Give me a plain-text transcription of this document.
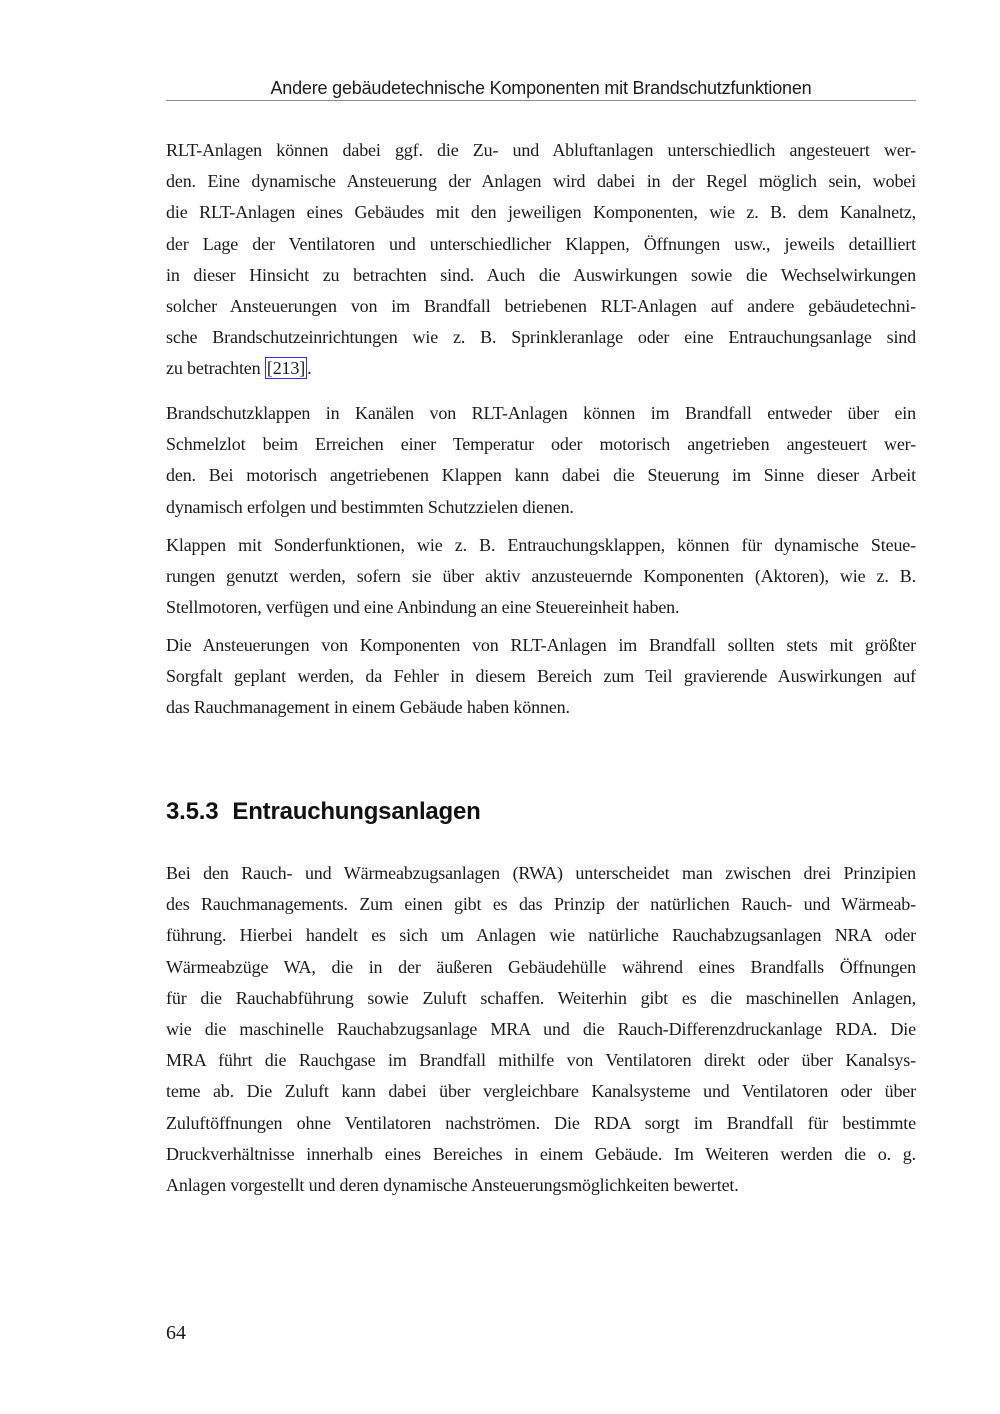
Andere gebäudetechnische Komponenten mit Brandschutzfunktionen
RLT-Anlagen können dabei ggf. die Zu- und Abluftanlagen unterschiedlich angesteuert wer-
den. Eine dynamische Ansteuerung der Anlagen wird dabei in der Regel möglich sein, wobei
die RLT-Anlagen eines Gebäudes mit den jeweiligen Komponenten, wie z. B. dem Kanalnetz,
der Lage der Ventilatoren und unterschiedlicher Klappen, Öffnungen usw., jeweils detailliert
in dieser Hinsicht zu betrachten sind. Auch die Auswirkungen sowie die Wechselwirkungen
solcher Ansteuerungen von im Brandfall betriebenen RLT-Anlagen auf andere gebäudetechni-
sche Brandschutzeinrichtungen wie z. B. Sprinkleranlage oder eine Entrauchungsanlage sind
zu betrachten [213] .
Brandschutzklappen in Kanälen von RLT-Anlagen können im Brandfall entweder über ein
Schmelzlot beim Erreichen einer Temperatur oder motorisch angetrieben angesteuert wer-
den. Bei motorisch angetriebenen Klappen kann dabei die Steuerung im Sinne dieser Arbeit
dynamisch erfolgen und bestimmten Schutzzielen dienen.
Klappen mit Sonderfunktionen, wie z. B. Entrauchungsklappen, können für dynamische Steue-
rungen genutzt werden, sofern sie über aktiv anzusteuernde Komponenten (Aktoren), wie z. B.
Stellmotoren, verfügen und eine Anbindung an eine Steuereinheit haben.
Die Ansteuerungen von Komponenten von RLT-Anlagen im Brandfall sollten stets mit größter
Sorgfalt geplant werden, da Fehler in diesem Bereich zum Teil gravierende Auswirkungen auf
das Rauchmanagement in einem Gebäude haben können.
3.5.3 Entrauchungsanlagen
Bei den Rauch- und Wärmeabzugsanlagen (RWA) unterscheidet man zwischen drei Prinzipien
des Rauchmanagements. Zum einen gibt es das Prinzip der natürlichen Rauch- und Wärmeab-
führung. Hierbei handelt es sich um Anlagen wie natürliche Rauchabzugsanlagen NRA oder
Wärmeabzüge WA, die in der äußeren Gebäudehülle während eines Brandfalls Öffnungen
für die Rauchabführung sowie Zuluft schaffen. Weiterhin gibt es die maschinellen Anlagen,
wie die maschinelle Rauchabzugsanlage MRA und die Rauch-Differenzdruckanlage RDA. Die
MRA führt die Rauchgase im Brandfall mithilfe von Ventilatoren direkt oder über Kanalsys-
teme ab. Die Zuluft kann dabei über vergleichbare Kanalsysteme und Ventilatoren oder über
Zuluftöffnungen ohne Ventilatoren nachströmen. Die RDA sorgt im Brandfall für bestimmte
Druckverhältnisse innerhalb eines Bereiches in einem Gebäude. Im Weiteren werden die o. g.
Anlagen vorgestellt und deren dynamische Ansteuerungsmöglichkeiten bewertet.
64
